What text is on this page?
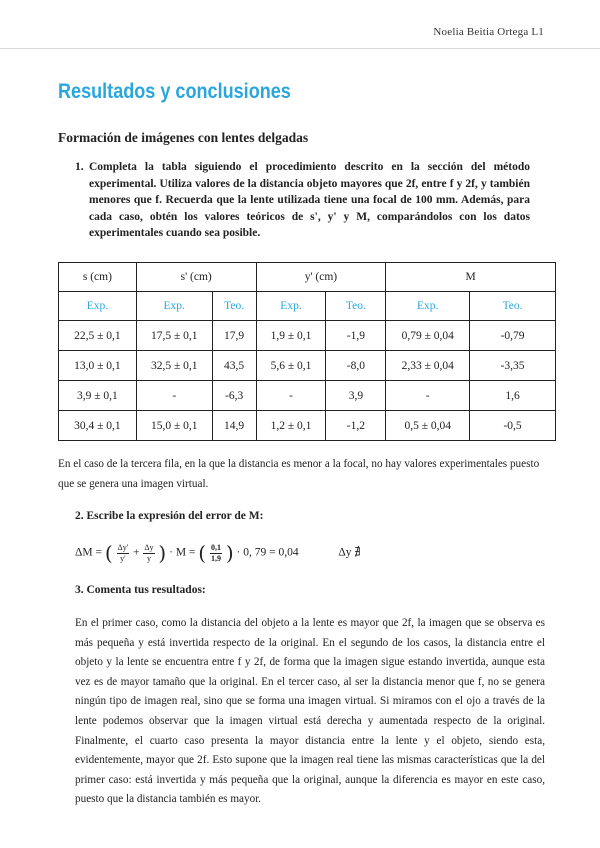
Noelia Beitia Ortega L1
Resultados y conclusiones
Formación de imágenes con lentes delgadas
1. Completa la tabla siguiendo el procedimiento descrito en la sección del método experimental. Utiliza valores de la distancia objeto mayores que 2f, entre f y 2f, y también menores que f. Recuerda que la lente utilizada tiene una focal de 100 mm. Además, para cada caso, obtén los valores teóricos de s', y' y M, comparándolos con los datos experimentales cuando sea posible.
s (cm)	s' (cm)		y' (cm)		M	
Exp.	Exp.	Teo.	Exp.	Teo.	Exp.	Teo.
22,5 ± 0,1	17,5 ± 0,1	17,9	1,9 ± 0,1	-1,9	0,79 ± 0,04	-0,79
13,0 ± 0,1	32,5 ± 0,1	43,5	5,6 ± 0,1	-8,0	2,33 ± 0,04	-3,35
3,9 ± 0,1	-	-6,3	-	3,9	-	1,6
30,4 ± 0,1	15,0 ± 0,1	14,9	1,2 ± 0,1	-1,2	0,5 ± 0,04	-0,5
En el caso de la tercera fila, en la que la distancia es menor a la focal, no hay valores experimentales puesto que se genera una imagen virtual.
2. Escribe la expresión del error de M:
ΔM = ( $\frac{\Delta y'}{y'} + \frac{\Delta y}{y}$ ) · M = ( $\frac{0,1}{1,9}$ ) · 0, 79 = 0,04	Δy ∄
3. Comenta tus resultados:
En el primer caso, como la distancia del objeto a la lente es mayor que 2f, la imagen que se observa es más pequeña y está invertida respecto de la original. En el segundo de los casos, la distancia entre el objeto y la lente se encuentra entre f y 2f, de forma que la imagen sigue estando invertida, aunque esta vez es de mayor tamaño que la original. En el tercer caso, al ser la distancia menor que f, no se genera ningún tipo de imagen real, sino que se forma una imagen virtual. Si miramos con el ojo a través de la lente podemos observar que la imagen virtual está derecha y aumentada respecto de la original. Finalmente, el cuarto caso presenta la mayor distancia entre la lente y el objeto, siendo esta, evidentemente, mayor que 2f. Esto supone que la imagen real tiene las mismas características que la del primer caso: está invertida y más pequeña que la original, aunque la diferencia es mayor en este caso, puesto que la distancia también es mayor.
